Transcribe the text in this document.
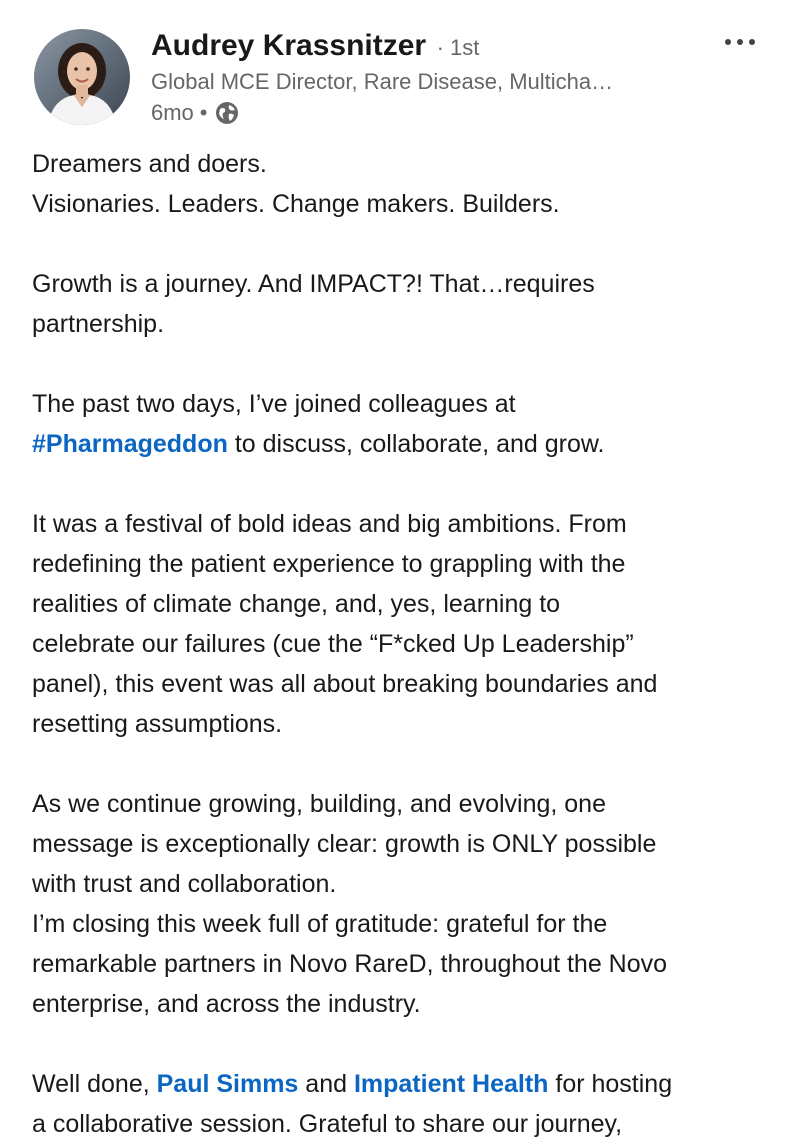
Audrey Krassnitzer · 1st
Global MCE Director, Rare Disease, Multicha…
6mo •

Dreamers and doers.
Visionaries. Leaders. Change makers. Builders.

Growth is a journey. And IMPACT?! That…requires
partnership.

The past two days, I’ve joined colleagues at
#Pharmageddon to discuss, collaborate, and grow.

It was a festival of bold ideas and big ambitions. From
redefining the patient experience to grappling with the
realities of climate change, and, yes, learning to
celebrate our failures (cue the “F*cked Up Leadership”
panel), this event was all about breaking boundaries and
resetting assumptions.

As we continue growing, building, and evolving, one
message is exceptionally clear: growth is ONLY possible
with trust and collaboration.
I’m closing this week full of gratitude: grateful for the
remarkable partners in Novo RareD, throughout the Novo
enterprise, and across the industry.

Well done, Paul Simms and Impatient Health for hosting
a collaborative session. Grateful to share our journey,
